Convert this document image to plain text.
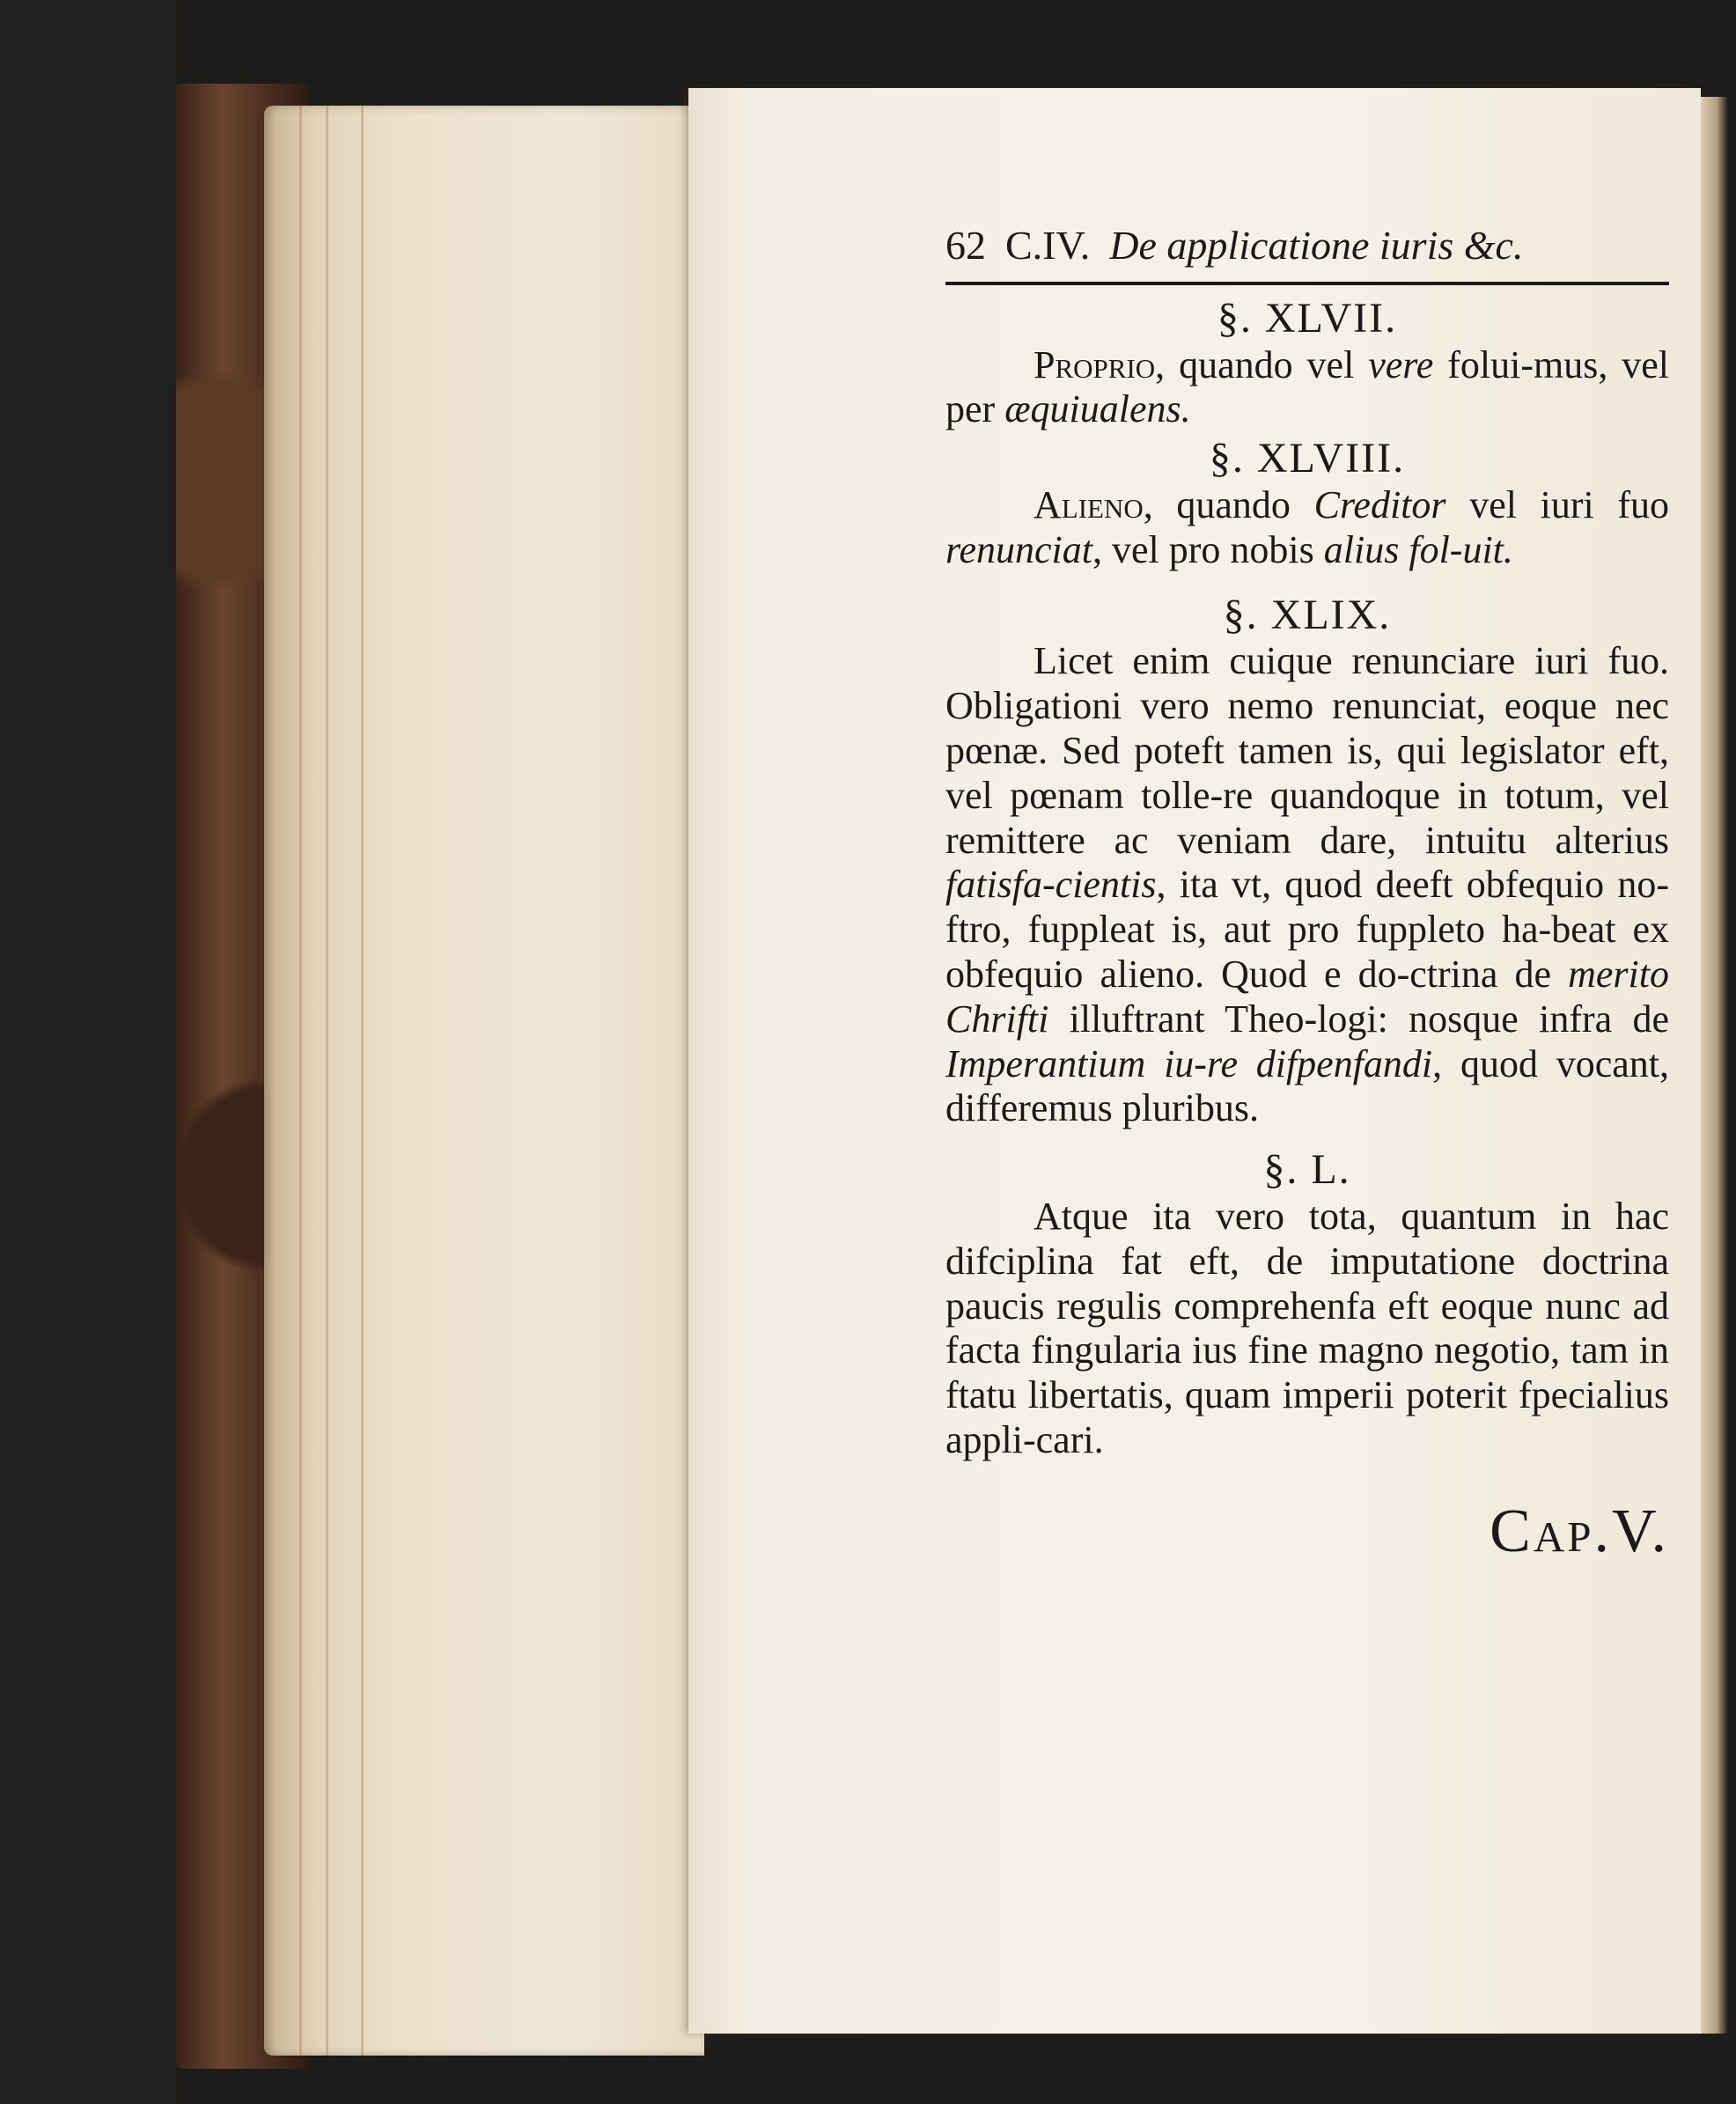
62 C.IV. De applicatione iuris &c.
§. XLVII.

Proprio, quando vel vere folui-mus, vel per æquiualens.

§. XLVIII.

Alieno, quando Creditor vel iuri fuo renunciat, vel pro nobis alius fol-uit.

§. XLIX.

Licet enim cuique renunciare iuri fuo. Obligationi vero nemo renunciat, eoque nec pœnæ. Sed poteft tamen is, qui legislator eft, vel pœnam tolle-re quandoque in totum, vel remittere ac veniam dare, intuitu alterius fatisfa-cientis, ita vt, quod deeft obfequio no-ftro, fuppleat is, aut pro fuppleto ha-beat ex obfequio alieno. Quod e do-ctrina de merito Chrifti illuftrant Theo-logi: nosque infra de Imperantium iu-re difpenfandi, quod vocant, differemus pluribus.

§. L.

Atque ita vero tota, quantum in hac difciplina fat eft, de imputatione doctrina paucis regulis comprehenfa eft eoque nunc ad facta fingularia ius fine magno negotio, tam in ftatu libertatis, quam imperii poterit fpecialius appli-cari.

Cap.V.
